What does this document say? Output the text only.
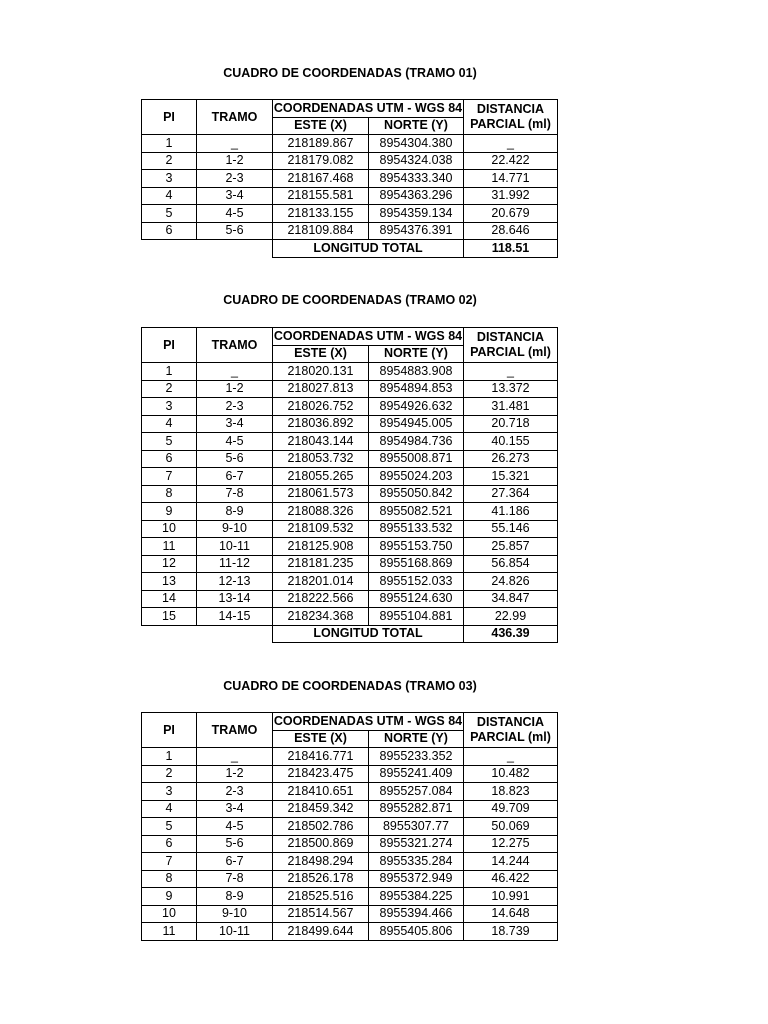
CUADRO DE COORDENADAS (TRAMO 01)
PI	TRAMO	COORDENADAS UTM - WGS 84		DISTANCIA PARCIAL (ml)
		ESTE (X)	NORTE (Y)	
1	_	218189.867	8954304.380	_
2	1-2	218179.082	8954324.038	22.422
3	2-3	218167.468	8954333.340	14.771
4	3-4	218155.581	8954363.296	31.992
5	4-5	218133.155	8954359.134	20.679
6	5-6	218109.884	8954376.391	28.646
		LONGITUD TOTAL		118.51
CUADRO DE COORDENADAS (TRAMO 02)
PI	TRAMO	COORDENADAS UTM - WGS 84		DISTANCIA PARCIAL (ml)
		ESTE (X)	NORTE (Y)	
1	_	218020.131	8954883.908	_
2	1-2	218027.813	8954894.853	13.372
3	2-3	218026.752	8954926.632	31.481
4	3-4	218036.892	8954945.005	20.718
5	4-5	218043.144	8954984.736	40.155
6	5-6	218053.732	8955008.871	26.273
7	6-7	218055.265	8955024.203	15.321
8	7-8	218061.573	8955050.842	27.364
9	8-9	218088.326	8955082.521	41.186
10	9-10	218109.532	8955133.532	55.146
11	10-11	218125.908	8955153.750	25.857
12	11-12	218181.235	8955168.869	56.854
13	12-13	218201.014	8955152.033	24.826
14	13-14	218222.566	8955124.630	34.847
15	14-15	218234.368	8955104.881	22.99
		LONGITUD TOTAL		436.39
CUADRO DE COORDENADAS (TRAMO 03)
PI	TRAMO	COORDENADAS UTM - WGS 84		DISTANCIA PARCIAL (ml)
		ESTE (X)	NORTE (Y)	
1	_	218416.771	8955233.352	_
2	1-2	218423.475	8955241.409	10.482
3	2-3	218410.651	8955257.084	18.823
4	3-4	218459.342	8955282.871	49.709
5	4-5	218502.786	8955307.77	50.069
6	5-6	218500.869	8955321.274	12.275
7	6-7	218498.294	8955335.284	14.244
8	7-8	218526.178	8955372.949	46.422
9	8-9	218525.516	8955384.225	10.991
10	9-10	218514.567	8955394.466	14.648
11	10-11	218499.644	8955405.806	18.739
